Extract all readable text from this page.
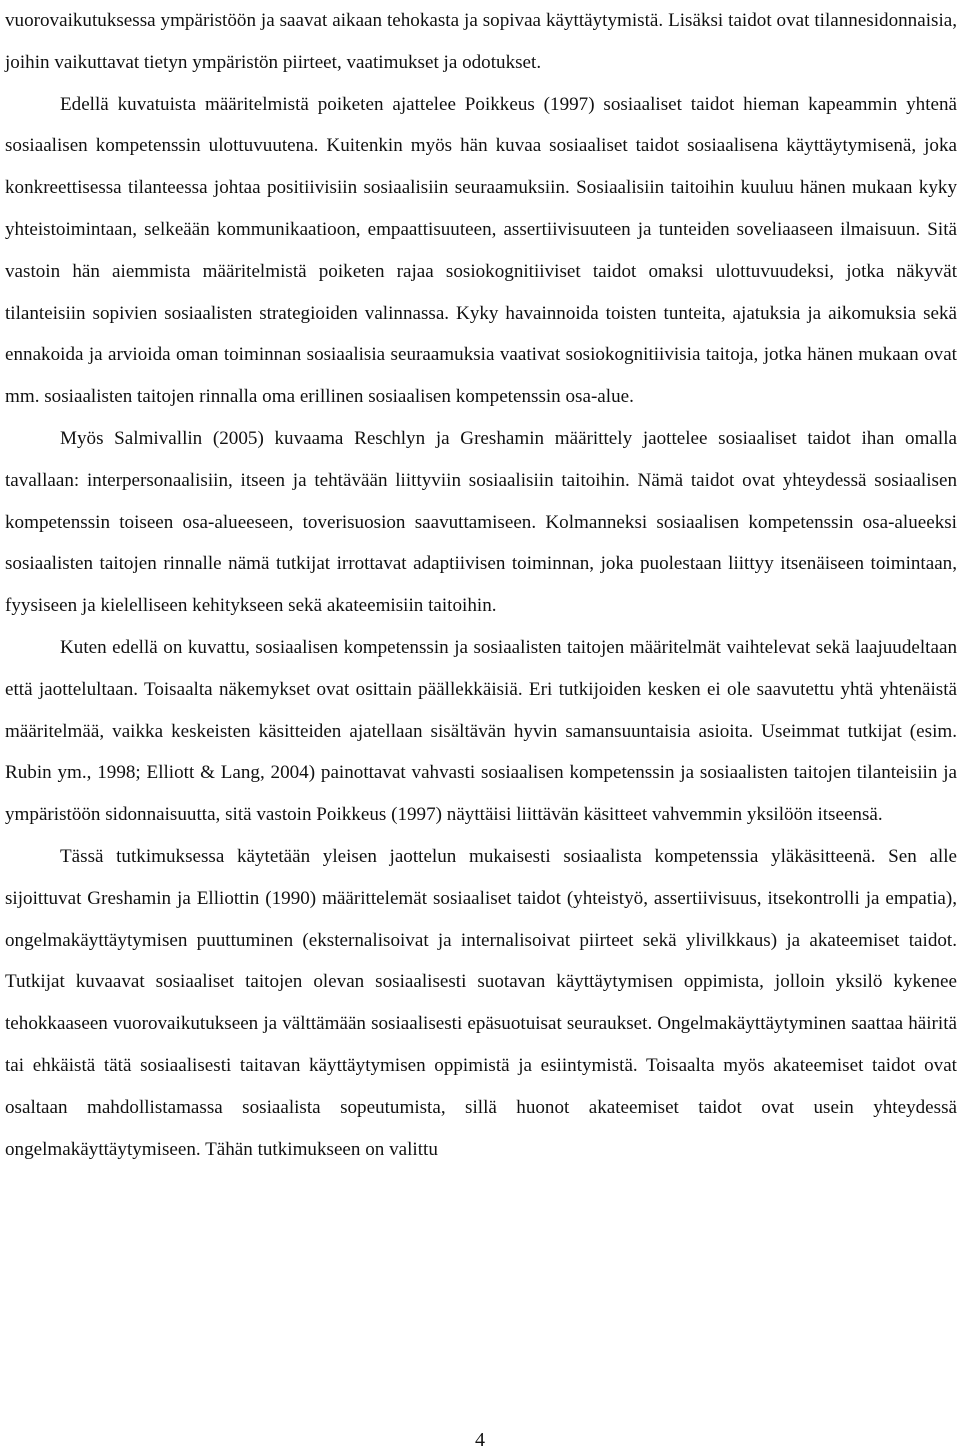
vuorovaikutuksessa ympäristöön ja saavat aikaan tehokasta ja sopivaa käyttäytymistä. Lisäksi taidot ovat tilannesidonnaisia, joihin vaikuttavat tietyn ympäristön piirteet, vaatimukset ja odotukset.

Edellä kuvatuista määritelmistä poiketen ajattelee Poikkeus (1997) sosiaaliset taidot hieman kapeammin yhtenä sosiaalisen kompetenssin ulottuvuutena. Kuitenkin myös hän kuvaa sosiaaliset taidot sosiaalisena käyttäytymisenä, joka konkreettisessa tilanteessa johtaa positiivisiin sosiaalisiin seuraamuksiin. Sosiaalisiin taitoihin kuuluu hänen mukaan kyky yhteistoimintaan, selkeään kommunikaatioon, empaattisuuteen, assertiivisuuteen ja tunteiden soveliaaseen ilmaisuun. Sitä vastoin hän aiemmista määritelmistä poiketen rajaa sosiokognitiiviset taidot omaksi ulottuvuudeksi, jotka näkyvät tilanteisiin sopivien sosiaalisten strategioiden valinnassa. Kyky havainnoida toisten tunteita, ajatuksia ja aikomuksia sekä ennakoida ja arvioida oman toiminnan sosiaalisia seuraamuksia vaativat sosiokognitiivisia taitoja, jotka hänen mukaan ovat mm. sosiaalisten taitojen rinnalla oma erillinen sosiaalisen kompetenssin osa-alue.

Myös Salmivallin (2005) kuvaama Reschlyn ja Greshamin määrittely jaottelee sosiaaliset taidot ihan omalla tavallaan: interpersonaalisiin, itseen ja tehtävään liittyviin sosiaalisiin taitoihin. Nämä taidot ovat yhteydessä sosiaalisen kompetenssin toiseen osa-alueeseen, toverisuosion saavuttamiseen. Kolmanneksi sosiaalisen kompetenssin osa-alueeksi sosiaalisten taitojen rinnalle nämä tutkijat irrottavat adaptiivisen toiminnan, joka puolestaan liittyy itsenäiseen toimintaan, fyysiseen ja kielelliseen kehitykseen sekä akateemisiin taitoihin.

Kuten edellä on kuvattu, sosiaalisen kompetenssin ja sosiaalisten taitojen määritelmät vaihtelevat sekä laajuudeltaan että jaottelultaan. Toisaalta näkemykset ovat osittain päällekkäisiä. Eri tutkijoiden kesken ei ole saavutettu yhtä yhtenäistä määritelmää, vaikka keskeisten käsitteiden ajatellaan sisältävän hyvin samansuuntaisia asioita. Useimmat tutkijat (esim. Rubin ym., 1998; Elliott & Lang, 2004) painottavat vahvasti sosiaalisen kompetenssin ja sosiaalisten taitojen tilanteisiin ja ympäristöön sidonnaisuutta, sitä vastoin Poikkeus (1997) näyttäisi liittävän käsitteet vahvemmin yksilöön itseensä.

Tässä tutkimuksessa käytetään yleisen jaottelun mukaisesti sosiaalista kompetenssia yläkäsitteenä. Sen alle sijoittuvat Greshamin ja Elliottin (1990) määrittelemät sosiaaliset taidot (yhteistyö, assertiivisuus, itsekontrolli ja empatia), ongelmakäyttäytymisen puuttuminen (eksternalisoivat ja internalisoivat piirteet sekä ylivilkkaus) ja akateemiset taidot. Tutkijat kuvaavat sosiaaliset taitojen olevan sosiaalisesti suotavan käyttäytymisen oppimista, jolloin yksilö kykenee tehokkaaseen vuorovaikutukseen ja välttämään sosiaalisesti epäsuotuisat seuraukset. Ongelmakäyttäytyminen saattaa häiritä tai ehkäistä tätä sosiaalisesti taitavan käyttäytymisen oppimistä ja esiintymistä. Toisaalta myös akateemiset taidot ovat osaltaan mahdollistamassa sosiaalista sopeutumista, sillä huonot akateemiset taidot ovat usein yhteydessä ongelmakäyttäytymiseen. Tähän tutkimukseen on valittu

4
